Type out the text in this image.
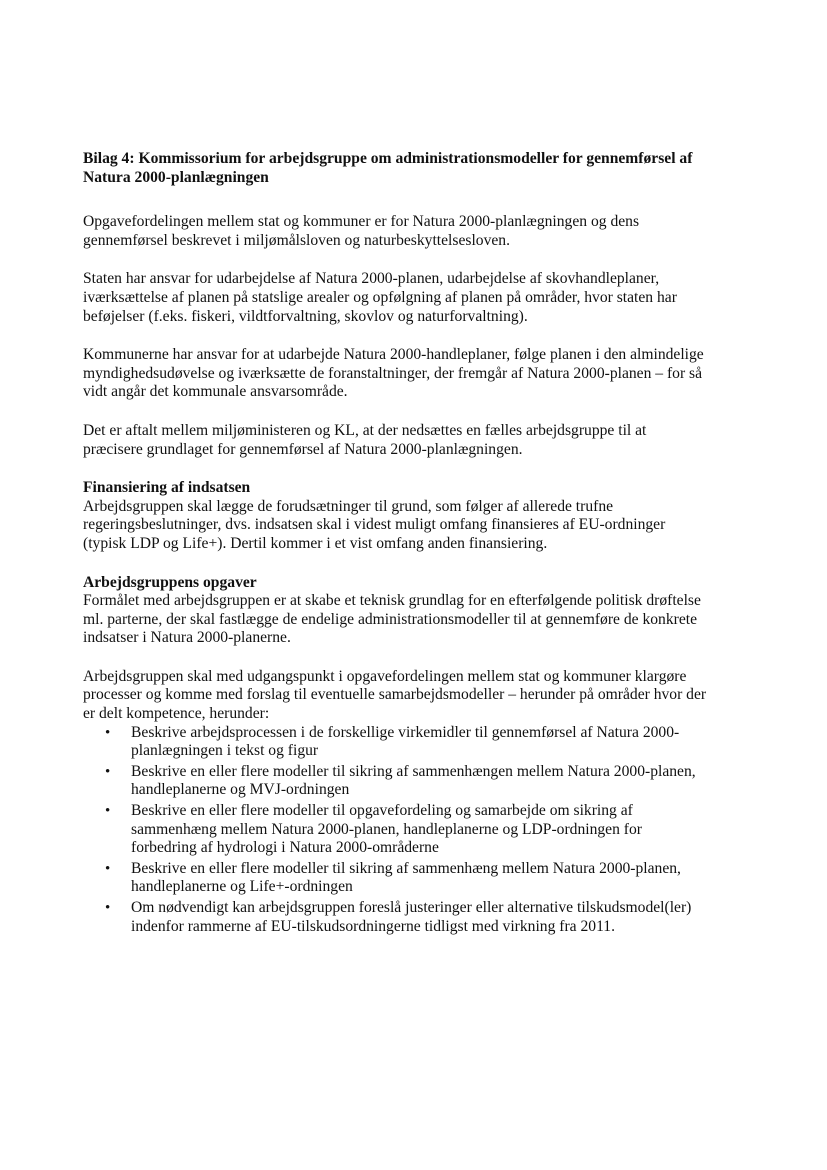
Bilag 4: Kommissorium for arbejdsgruppe om administrationsmodeller for gennemførsel af
Natura 2000-planlægningen

Opgavefordelingen mellem stat og kommuner er for Natura 2000-planlægningen og dens
gennemførsel beskrevet i miljømålsloven og naturbeskyttelsesloven.

Staten har ansvar for udarbejdelse af Natura 2000-planen, udarbejdelse af skovhandleplaner,
iværksættelse af planen på statslige arealer og opfølgning af planen på områder, hvor staten har
beføjelser (f.eks. fiskeri, vildtforvaltning, skovlov og naturforvaltning).

Kommunerne har ansvar for at udarbejde Natura 2000-handleplaner, følge planen i den almindelige
myndighedsudøvelse og iværksætte de foranstaltninger, der fremgår af Natura 2000-planen – for så
vidt angår det kommunale ansvarsområde.

Det er aftalt mellem miljøministeren og KL, at der nedsættes en fælles arbejdsgruppe til at
præcisere grundlaget for gennemførsel af Natura 2000-planlægningen.

Finansiering af indsatsen

Arbejdsgruppen skal lægge de forudsætninger til grund, som følger af allerede trufne
regeringsbeslutninger, dvs. indsatsen skal i videst muligt omfang finansieres af EU-ordninger
(typisk LDP og Life+). Dertil kommer i et vist omfang anden finansiering.

Arbejdsgruppens opgaver

Formålet med arbejdsgruppen er at skabe et teknisk grundlag for en efterfølgende politisk drøftelse
ml. parterne, der skal fastlægge de endelige administrationsmodeller til at gennemføre de konkrete
indsatser i Natura 2000-planerne.

Arbejdsgruppen skal med udgangspunkt i opgavefordelingen mellem stat og kommuner klargøre
processer og komme med forslag til eventuelle samarbejdsmodeller – herunder på områder hvor der
er delt kompetence, herunder:

• Beskrive arbejdsprocessen i de forskellige virkemidler til gennemførsel af Natura 2000-
planlægningen i tekst og figur
• Beskrive en eller flere modeller til sikring af sammenhængen mellem Natura 2000-planen,
handleplanerne og MVJ-ordningen
• Beskrive en eller flere modeller til opgavefordeling og samarbejde om sikring af
sammenhæng mellem Natura 2000-planen, handleplanerne og LDP-ordningen for
forbedring af hydrologi i Natura 2000-områderne
• Beskrive en eller flere modeller til sikring af sammenhæng mellem Natura 2000-planen,
handleplanerne og Life+-ordningen
• Om nødvendigt kan arbejdsgruppen foreslå justeringer eller alternative tilskudsmodel(ler)
indenfor rammerne af EU-tilskudsordningerne tidligst med virkning fra 2011.
